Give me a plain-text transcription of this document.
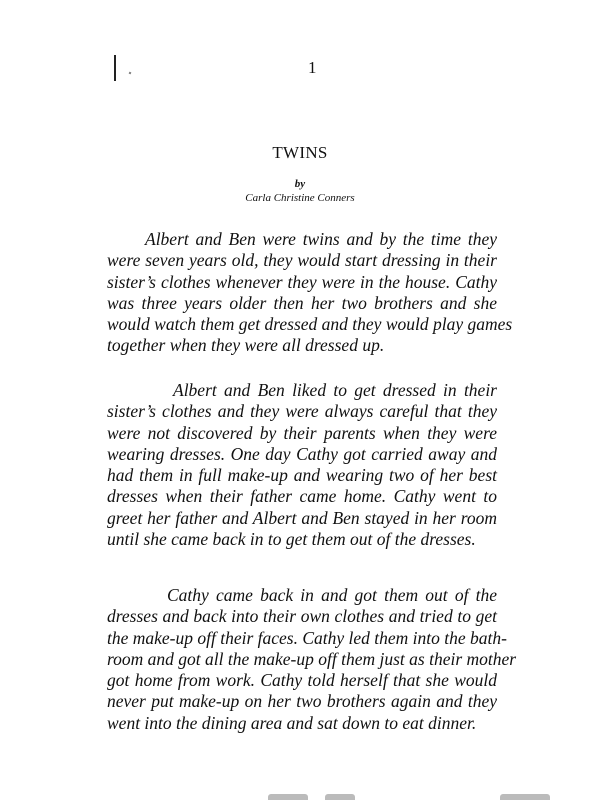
1
TWINS
by
Carla Christine Conners
Albert and Ben were twins and by the time they
were seven years old, they would start dressing in their
sister’s clothes whenever they were in the house. Cathy
was three years older then her two brothers and she
would watch them get dressed and they would play games
together when they were all dressed up.
Albert and Ben liked to get dressed in their
sister’s clothes and they were always careful that they
were not discovered by their parents when they were
wearing dresses. One day Cathy got carried away and
had them in full make-up and wearing two of her best
dresses when their father came home. Cathy went to
greet her father and Albert and Ben stayed in her room
until she came back in to get them out of the dresses.
Cathy came back in and got them out of the
dresses and back into their own clothes and tried to get
the make-up off their faces. Cathy led them into the bath-
room and got all the make-up off them just as their mother
got home from work. Cathy told herself that she would
never put make-up on her two brothers again and they
went into the dining area and sat down to eat dinner.
